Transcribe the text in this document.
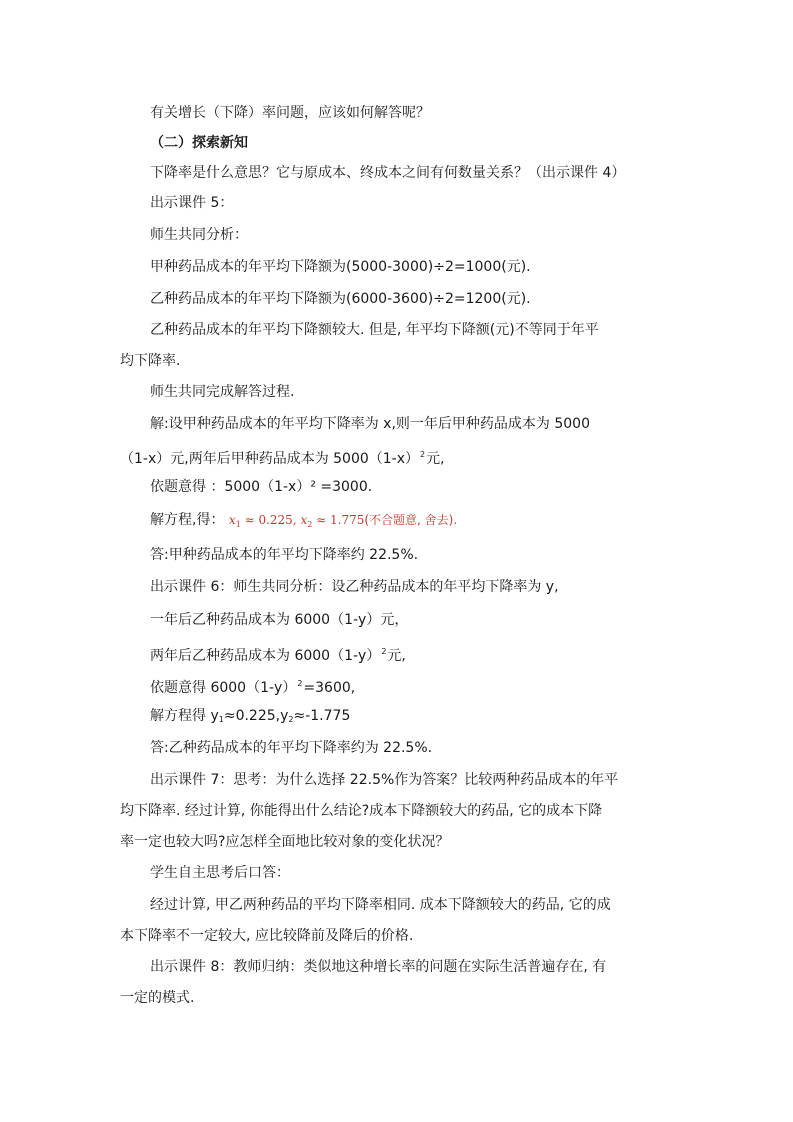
有关增长（下降）率问题，应该如何解答呢？
（二）探索新知
下降率是什么意思？它与原成本、终成本之间有何数量关系？（出示课件 4）
出示课件 5：
师生共同分析：
甲种药品成本的年平均下降额为(5000-3000)÷2=1000(元).
乙种药品成本的年平均下降额为(6000-3600)÷2=1200(元).
乙种药品成本的年平均下降额较大. 但是, 年平均下降额(元)不等同于年平
均下降率.
师生共同完成解答过程.
解:设甲种药品成本的年平均下降率为 x,则一年后甲种药品成本为 5000
（1-x）元,两年后甲种药品成本为 $5000(1-x)^2$元,
依题意得 ：5000（1-x）² =3000.
解方程,得： $x_1 \approx 0.225$, $x_2 \approx 1.775$(不合题意, 舍去).
答:甲种药品成本的年平均下降率约 22.5%.
出示课件 6：师生共同分析：设乙种药品成本的年平均下降率为 y,
一年后乙种药品成本为 6000（1-y）元，
两年后乙种药品成本为 $6000(1-y)^2$元,
依题意得 $6000(1-y)^2=3600$,
解方程得 $y_1\approx 0.225,y_2\approx-1.775$
答:乙种药品成本的年平均下降率约为 22.5%.
出示课件 7：思考：为什么选择 22.5%作为答案？比较两种药品成本的年平
均下降率. 经过计算, 你能得出什么结论?成本下降额较大的药品, 它的成本下降
率一定也较大吗?应怎样全面地比较对象的变化状况？
学生自主思考后口答：
经过计算, 甲乙两种药品的平均下降率相同. 成本下降额较大的药品, 它的成
本下降率不一定较大, 应比较降前及降后的价格.
出示课件 8：教师归纳：类似地这种增长率的问题在实际生活普遍存在, 有
一定的模式.
